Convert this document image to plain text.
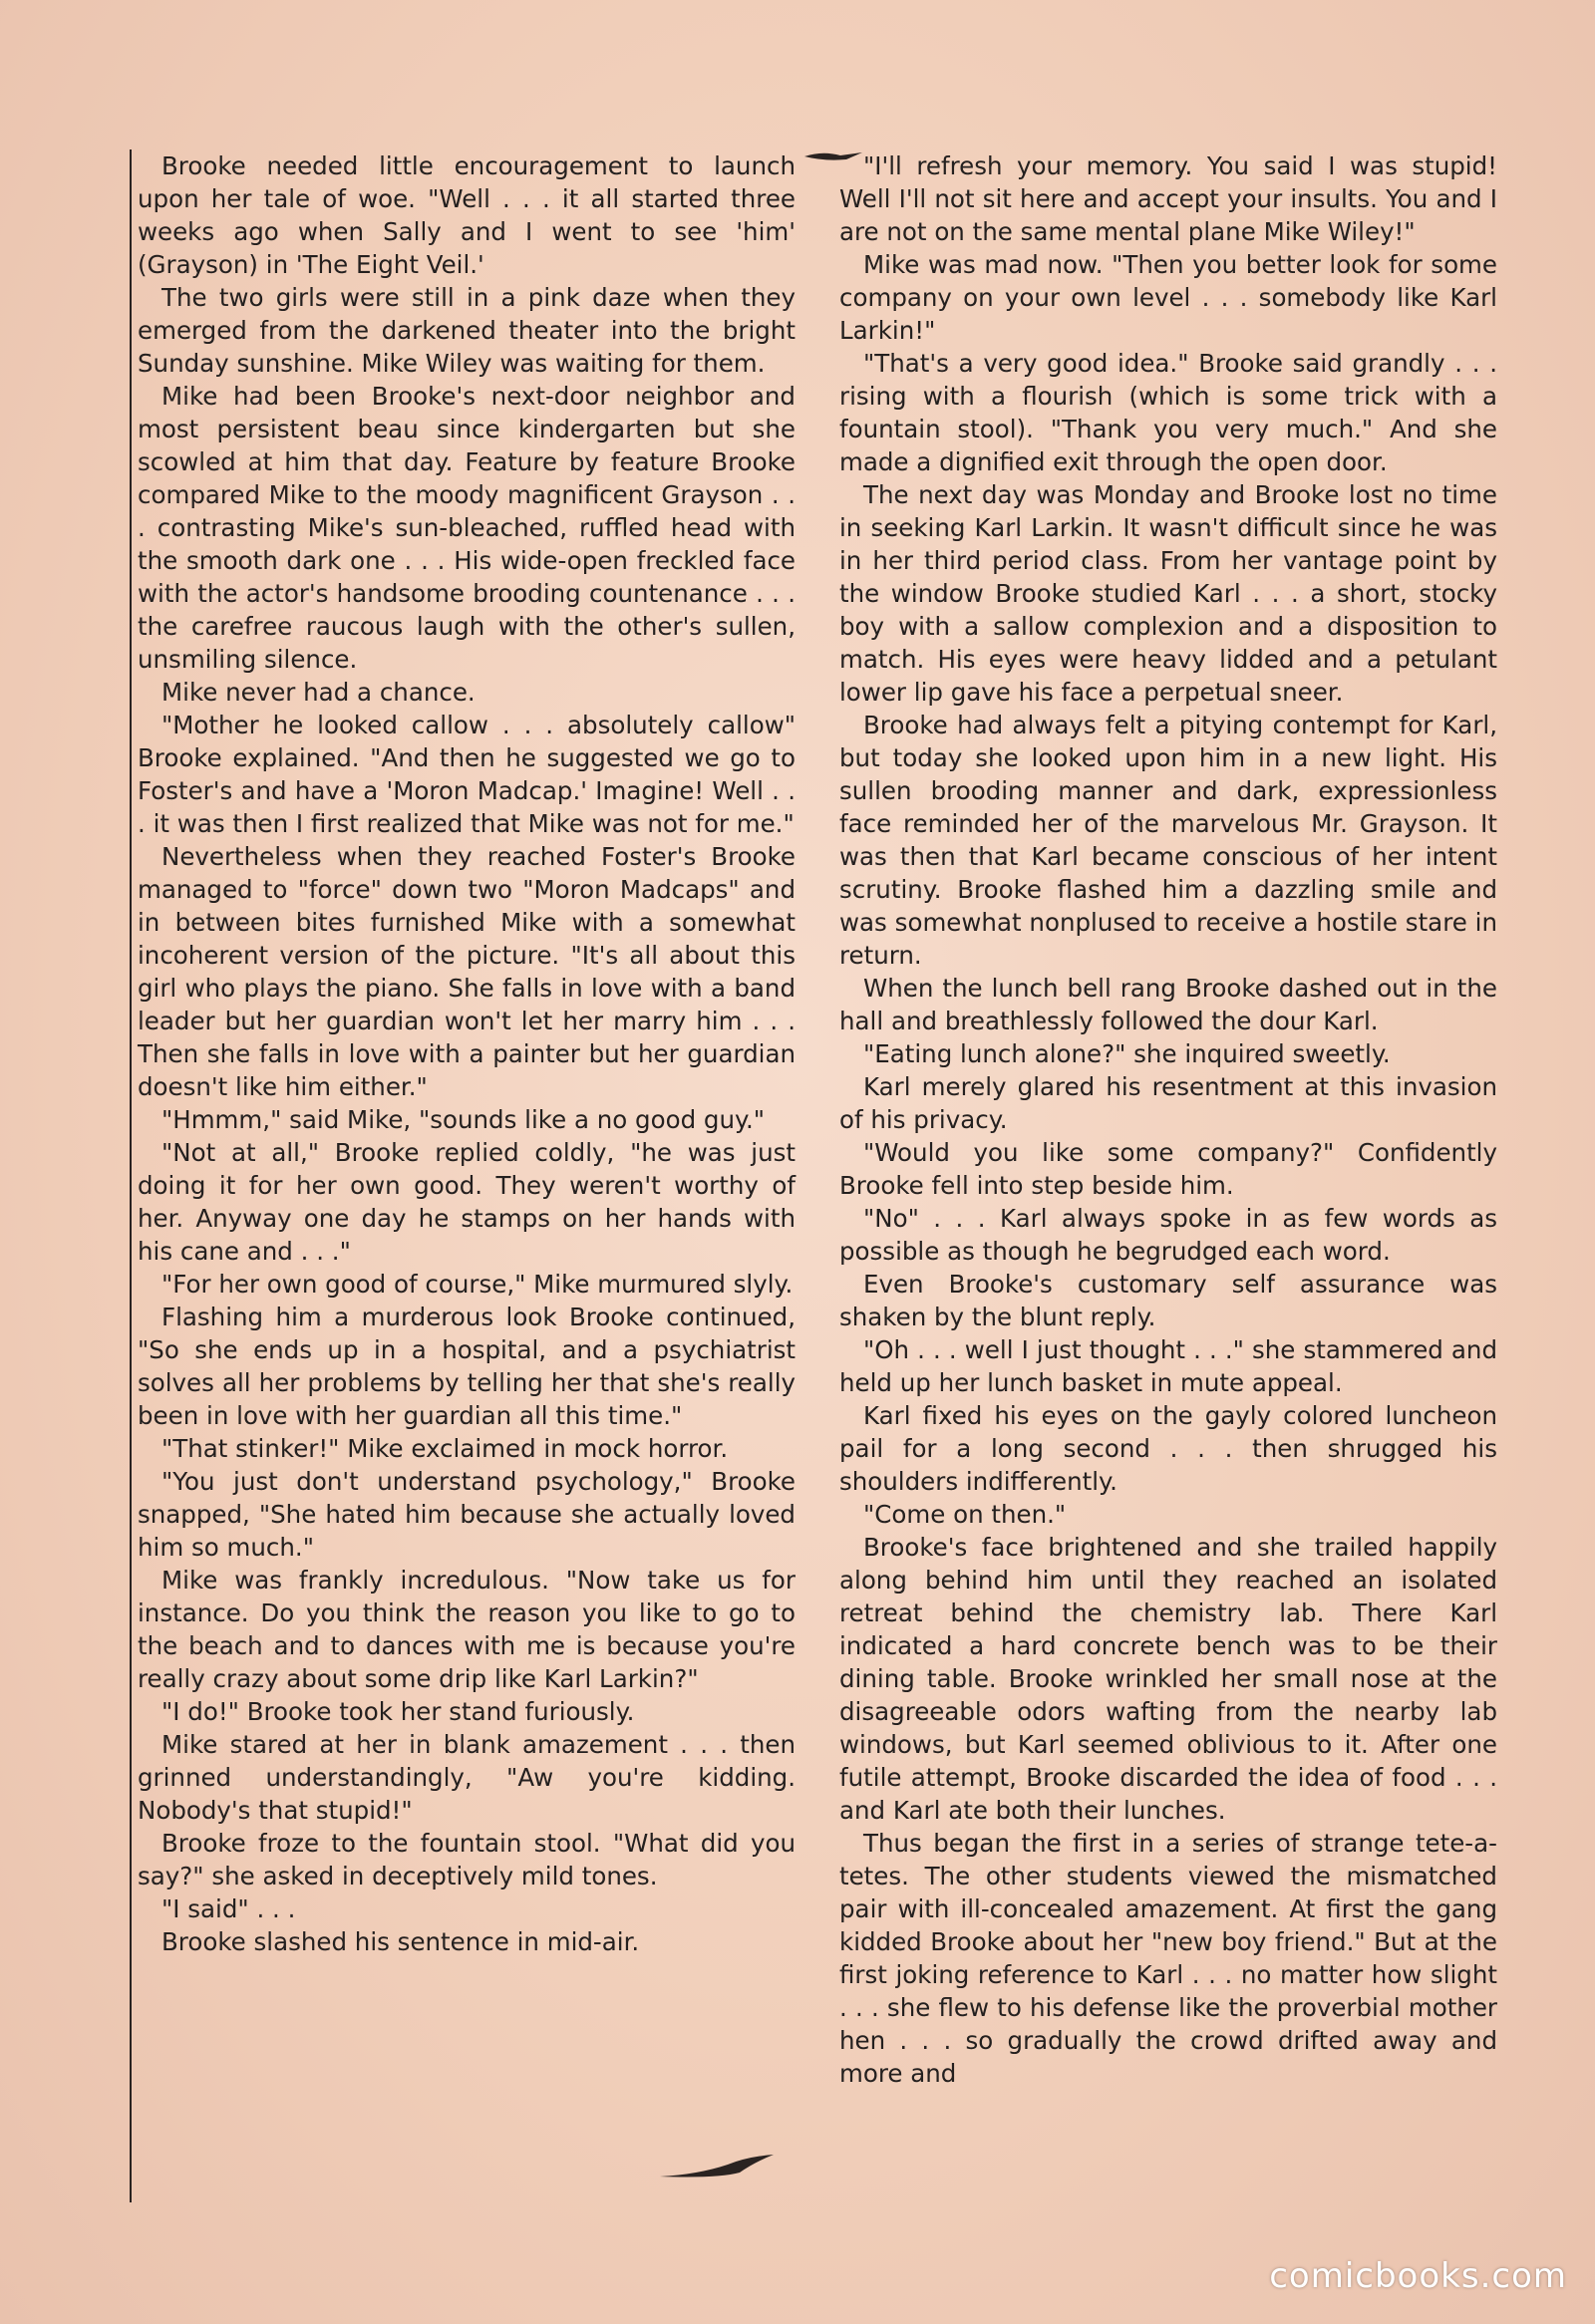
Brooke needed little encouragement to launch upon her tale of woe. "Well . . . it all started three weeks ago when Sally and I went to see 'him' (Grayson) in 'The Eight Veil.'

The two girls were still in a pink daze when they emerged from the darkened theater into the bright Sunday sunshine. Mike Wiley was waiting for them.

Mike had been Brooke's next-door neighbor and most persistent beau since kindergarten but she scowled at him that day. Feature by feature Brooke compared Mike to the moody magnificent Grayson . . . contrasting Mike's sun-bleached, ruffled head with the smooth dark one . . . His wide-open freckled face with the actor's handsome brooding countenance . . . the carefree raucous laugh with the other's sullen, unsmiling silence.

Mike never had a chance.

"Mother he looked callow . . . absolutely callow" Brooke explained. "And then he suggested we go to Foster's and have a 'Moron Madcap.' Imagine! Well . . . it was then I first realized that Mike was not for me."

Nevertheless when they reached Foster's Brooke managed to "force" down two "Moron Madcaps" and in between bites furnished Mike with a somewhat incoherent version of the picture. "It's all about this girl who plays the piano. She falls in love with a band leader but her guardian won't let her marry him . . . Then she falls in love with a painter but her guardian doesn't like him either."

"Hmmm," said Mike, "sounds like a no good guy."

"Not at all," Brooke replied coldly, "he was just doing it for her own good. They weren't worthy of her. Anyway one day he stamps on her hands with his cane and . . ."

"For her own good of course," Mike murmured slyly.

Flashing him a murderous look Brooke continued, "So she ends up in a hospital, and a psychiatrist solves all her problems by telling her that she's really been in love with her guardian all this time."

"That stinker!" Mike exclaimed in mock horror.

"You just don't understand psychology," Brooke snapped, "She hated him because she actually loved him so much."

Mike was frankly incredulous. "Now take us for instance. Do you think the reason you like to go to the beach and to dances with me is because you're really crazy about some drip like Karl Larkin?"

"I do!" Brooke took her stand furiously.

Mike stared at her in blank amazement . . . then grinned understandingly, "Aw you're kidding. Nobody's that stupid!"

Brooke froze to the fountain stool. "What did you say?" she asked in deceptively mild tones.

"I said" . . .

Brooke slashed his sentence in mid-air.

"I'll refresh your memory. You said I was stupid! Well I'll not sit here and accept your insults. You and I are not on the same mental plane Mike Wiley!"

Mike was mad now. "Then you better look for some company on your own level . . . somebody like Karl Larkin!"

"That's a very good idea." Brooke said grandly . . . rising with a flourish (which is some trick with a fountain stool). "Thank you very much." And she made a dignified exit through the open door.

The next day was Monday and Brooke lost no time in seeking Karl Larkin. It wasn't difficult since he was in her third period class. From her vantage point by the window Brooke studied Karl . . . a short, stocky boy with a sallow complexion and a disposition to match. His eyes were heavy lidded and a petulant lower lip gave his face a perpetual sneer.

Brooke had always felt a pitying contempt for Karl, but today she looked upon him in a new light. His sullen brooding manner and dark, expressionless face reminded her of the marvelous Mr. Grayson. It was then that Karl became conscious of her intent scrutiny. Brooke flashed him a dazzling smile and was somewhat nonplused to receive a hostile stare in return.

When the lunch bell rang Brooke dashed out in the hall and breathlessly followed the dour Karl.

"Eating lunch alone?" she inquired sweetly.

Karl merely glared his resentment at this invasion of his privacy.

"Would you like some company?" Confidently Brooke fell into step beside him.

"No" . . . Karl always spoke in as few words as possible as though he begrudged each word.

Even Brooke's customary self assurance was shaken by the blunt reply.

"Oh . . . well I just thought . . ." she stammered and held up her lunch basket in mute appeal.

Karl fixed his eyes on the gayly colored luncheon pail for a long second . . . then shrugged his shoulders indifferently.

"Come on then."

Brooke's face brightened and she trailed happily along behind him until they reached an isolated retreat behind the chemistry lab. There Karl indicated a hard concrete bench was to be their dining table. Brooke wrinkled her small nose at the disagreeable odors wafting from the nearby lab windows, but Karl seemed oblivious to it. After one futile attempt, Brooke discarded the idea of food . . . and Karl ate both their lunches.

Thus began the first in a series of strange tete-a-tetes. The other students viewed the mismatched pair with ill-concealed amazement. At first the gang kidded Brooke about her "new boy friend." But at the first joking reference to Karl . . . no matter how slight . . . she flew to his defense like the proverbial mother hen . . . so gradually the crowd drifted away and more and

comicbooks.com
